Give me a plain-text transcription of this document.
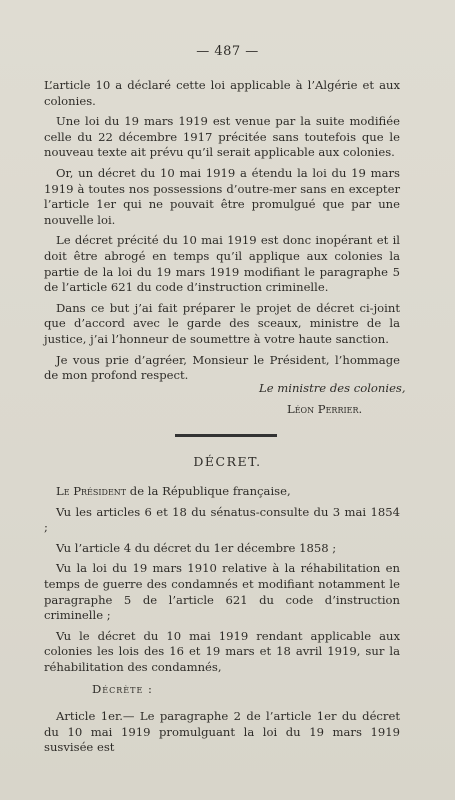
— 487 —

L’article 10 a déclaré cette loi applicable à l’Algérie et aux colonies.

Une loi du 19 mars 1919 est venue par la suite modifiée celle du 22 décembre 1917 précitée sans toutefois que le nouveau texte ait prévu qu’il serait applicable aux colonies.

Or, un décret du 10 mai 1919 a étendu la loi du 19 mars 1919 à toutes nos possessions d’outre-mer sans en excepter l’article 1er qui ne pouvait être promulgué que par une nouvelle loi.

Le décret précité du 10 mai 1919 est donc inopérant et il doit être abrogé en temps qu’il applique aux colonies la partie de la loi du 19 mars 1919 modifiant le paragraphe 5 de l’article 621 du code d’instruction criminelle.

Dans ce but j’ai fait préparer le projet de décret ci-joint que d’accord avec le garde des sceaux, ministre de la justice, j’ai l’honneur de soumettre à votre haute sanction.

Je vous prie d’agréer, Monsieur le Président, l’hommage de mon profond respect.

Le ministre des colonies,
Léon Perrier.
DÉCRET.

Le Président de la République française,

Vu les articles 6 et 18 du sénatus-consulte du 3 mai 1854 ;

Vu l’article 4 du décret du 1er décembre 1858 ;

Vu la loi du 19 mars 1910 relative à la réhabilitation en temps de guerre des condamnés et modifiant notamment le paragraphe 5 de l’article 621 du code d’instruction criminelle ;

Vu le décret du 10 mai 1919 rendant applicable aux colonies les lois des 16 et 19 mars et 18 avril 1919, sur la réhabilitation des condamnés,

Décrète :

Article 1er.— Le paragraphe 2 de l’article 1er du décret du 10 mai 1919 promulguant la loi du 19 mars 1919 susvisée est
